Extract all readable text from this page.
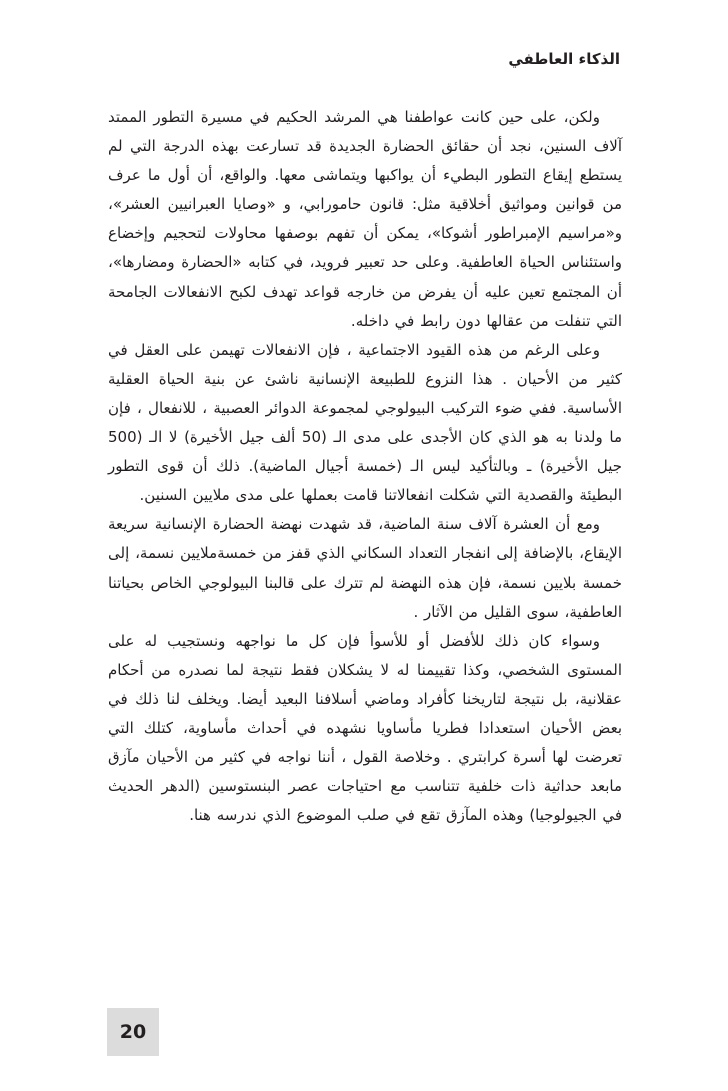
الذكاء العاطفي

ولكن، على حين كانت عواطفنا هي المرشد الحكيم في مسيرة التطور الممتد آلاف السنين، نجد أن حقائق الحضارة الجديدة قد تسارعت بهذه الدرجة التي لم يستطع إيقاع التطور البطيء أن يواكبها ويتماشى معها. والواقع، أن أول ما عرف من قوانين ومواثيق أخلاقية مثل: قانون حامورابي، و «وصايا العبرانيين العشر»، و«مراسيم الإمبراطور أشوكا»، يمكن أن تفهم بوصفها محاولات لتحجيم وإخضاع واستئناس الحياة العاطفية. وعلى حد تعبير فرويد، في كتابه «الحضارة ومضارها»، أن المجتمع تعين عليه أن يفرض من خارجه قواعد تهدف لكبح الانفعالات الجامحة التي تنفلت من عقالها دون رابط في داخله.

وعلى الرغم من هذه القيود الاجتماعية ، فإن الانفعالات تهيمن على العقل في كثير من الأحيان . هذا النزوع للطبيعة الإنسانية ناشئ عن بنية الحياة العقلية الأساسية. ففي ضوء التركيب البيولوجي لمجموعة الدوائر العصبية ، للانفعال ، فإن ما ولدنا به هو الذي كان الأجدى على مدى الـ (50 ألف جيل الأخيرة) لا الـ (500 جيل الأخيرة) ـ وبالتأكيد ليس الـ (خمسة أجيال الماضية). ذلك أن قوى التطور البطيئة والقصدية التي شكلت انفعالاتنا قامت بعملها على مدى ملايين السنين.

ومع أن العشرة آلاف سنة الماضية، قد شهدت نهضة الحضارة الإنسانية سريعة الإيقاع، بالإضافة إلى انفجار التعداد السكاني الذي قفز من خمسةملايين نسمة، إلى خمسة بلايين نسمة، فإن هذه النهضة لم تترك على قالبنا البيولوجي الخاص بحياتنا العاطفية، سوى القليل من الآثار .

وسواء كان ذلك للأفضل أو للأسوأ فإن كل ما نواجهه ونستجيب له على المستوى الشخصي، وكذا تقييمنا له لا يشكلان فقط نتيجة لما نصدره من أحكام عقلانية، بل نتيجة لتاريخنا كأفراد وماضي أسلافنا البعيد أيضا. ويخلف لنا ذلك في بعض الأحيان استعدادا فطريا مأساويا نشهده في أحداث مأساوية، كتلك التي تعرضت لها أسرة كرابتري . وخلاصة القول ، أننا نواجه في كثير من الأحيان مآزق مابعد حداثية ذات خلفية تتناسب مع احتياجات عصر البنستوسين (الدهر الحديث في الجيولوجيا) وهذه المآزق تقع في صلب الموضوع الذي ندرسه هنا.

20
